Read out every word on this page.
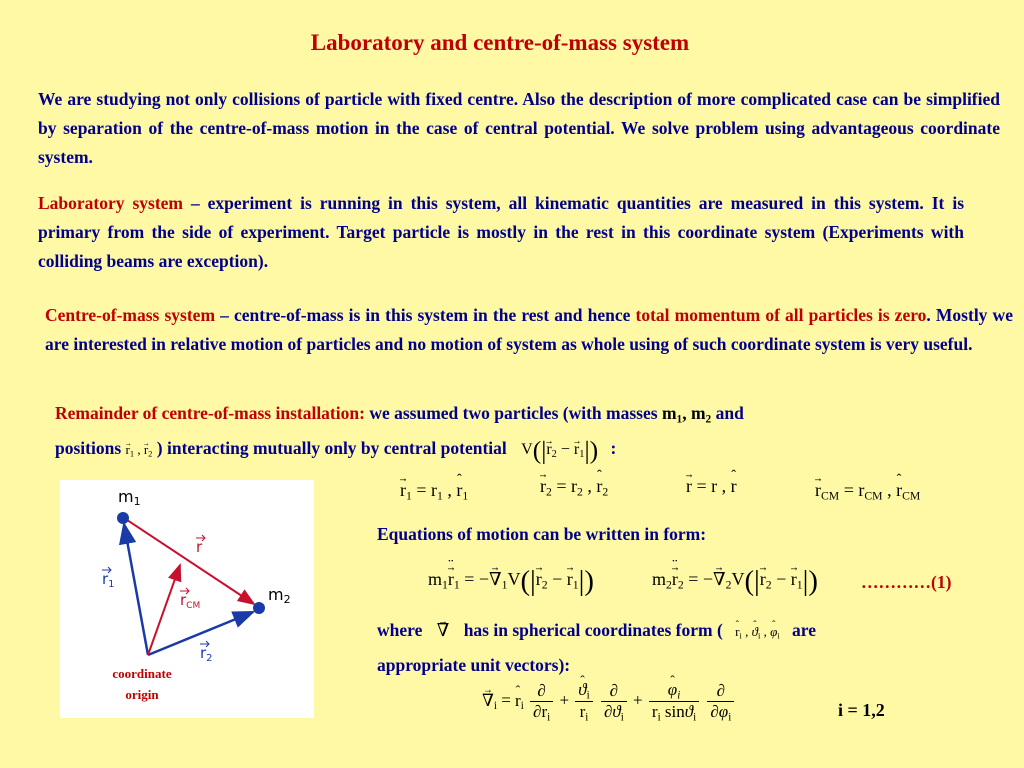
Laboratory and centre-of-mass system
We are studying not only collisions of particle with fixed centre. Also the description of more complicated case can be simplified by separation of the centre-of-mass motion in the case of central potential. We solve problem using advantageous coordinate system.
Laboratory system – experiment is running in this system, all kinematic quantities are measured in this system. It is primary from the side of experiment. Target particle is mostly in the rest in this coordinate system (Experiments with colliding beams are exception).
Centre-of-mass system – centre-of-mass is in this system in the rest and hence total momentum of all particles is zero. Mostly we are interested in relative motion of particles and no motion of system as whole using of such coordinate system is very useful.
Remainder of centre-of-mass installation: we assumed two particles (with masses $m_1$, $m_2$ and
positions → $r_1$ , → $r_2$ ) interacting mutually only by central potential $V(|\to r_2$ − → $r_1|$) :
→ $r_1 = r_1$ , ˆ $r_1$	→ $r_2 = r_2$ , ˆ $r_2$	→ r = r , ˆ r	→ $r_{CM} = r_{CM}$ , ˆ $r_{CM}$
Equations of motion can be written in form:
$m_1¨ \to r_1$ = −→ $\nabla_1V(|\to r_2$ − → $r_1|$)	$m_2¨ \to r_2$ = −→ $\nabla_2V(|\to r_2$ − → $r_1|$) …………(1)
where → ∇ has in spherical coordinates form ( ˆ $r_i$ , ˆ $ϑ_i$ , ˆ $\varphi_i$ are
appropriate unit vectors):
→ $\nabla_i$ = ˆ $r_i \frac{\partial}{\partial r_i}$ + ˆ $\frac{ϑ_i}{r_i}$
$\frac{\partial}{\partial ϑ_i}$ + ˆ $\frac{\varphi_i}{r_i \sin ϑ_i}$
$\frac{\partial}{\partial\varphi_i}$	i = 1,2
m1
m2
r
$r_1$
$r_{CM}$
$r_2$
coordinate
origin
